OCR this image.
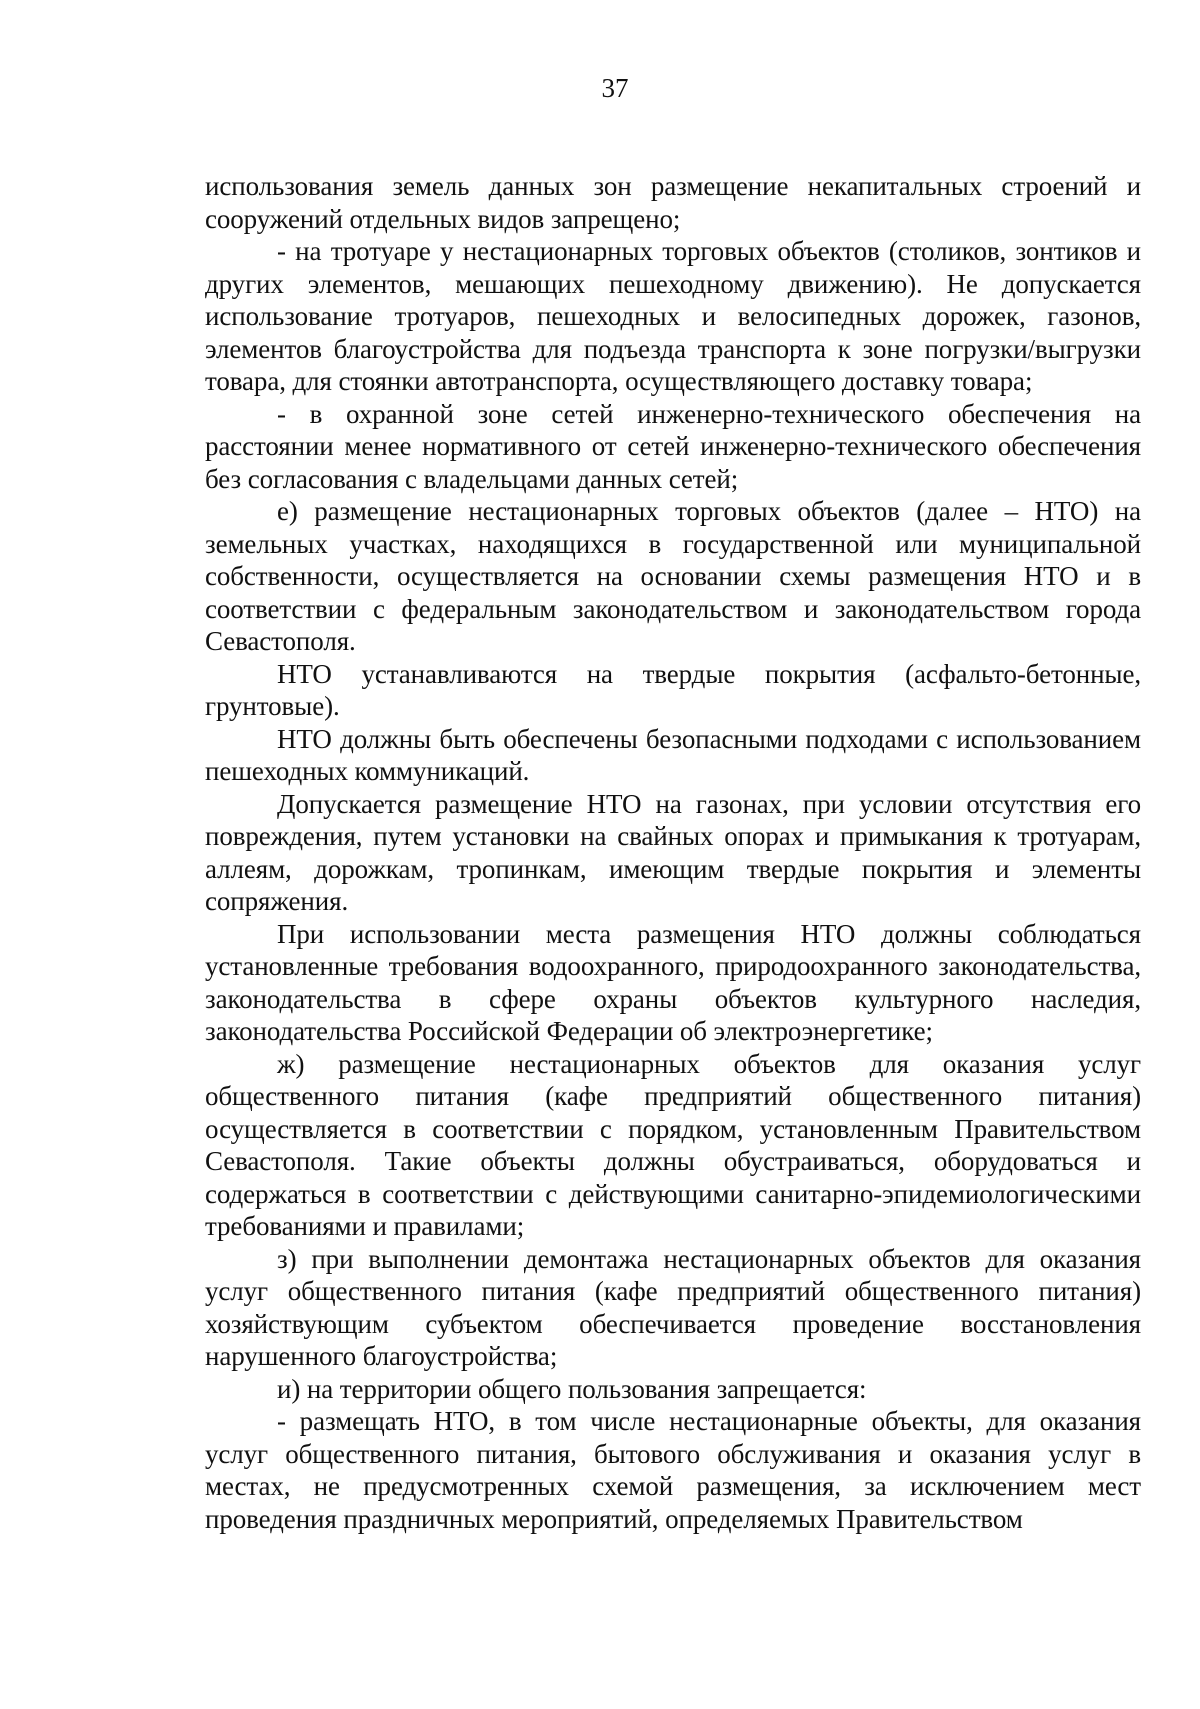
37

использования земель данных зон размещение некапитальных строений и сооружений отдельных видов запрещено;

- на тротуаре у нестационарных торговых объектов (столиков, зонтиков и других элементов, мешающих пешеходному движению). Не допускается использование тротуаров, пешеходных и велосипедных дорожек, газонов, элементов благоустройства для подъезда транспорта к зоне погрузки/выгрузки товара, для стоянки автотранспорта, осуществляющего доставку товара;

- в охранной зоне сетей инженерно-технического обеспечения на расстоянии менее нормативного от сетей инженерно-технического обеспечения без согласования с владельцами данных сетей;

е) размещение нестационарных торговых объектов (далее – НТО) на земельных участках, находящихся в государственной или муниципальной собственности, осуществляется на основании схемы размещения НТО и в соответствии с федеральным законодательством и законодательством города Севастополя.

НТО устанавливаются на твердые покрытия (асфальто-бетонные, грунтовые).

НТО должны быть обеспечены безопасными подходами с использованием пешеходных коммуникаций.

Допускается размещение НТО на газонах, при условии отсутствия его повреждения, путем установки на свайных опорах и примыкания к тротуарам, аллеям, дорожкам, тропинкам, имеющим твердые покрытия и элементы сопряжения.

При использовании места размещения НТО должны соблюдаться установленные требования водоохранного, природоохранного законодательства, законодательства в сфере охраны объектов культурного наследия, законодательства Российской Федерации об электроэнергетике;

ж) размещение нестационарных объектов для оказания услуг общественного питания (кафе предприятий общественного питания) осуществляется в соответствии с порядком, установленным Правительством Севастополя. Такие объекты должны обустраиваться, оборудоваться и содержаться в соответствии с действующими санитарно-эпидемиологическими требованиями и правилами;

з) при выполнении демонтажа нестационарных объектов для оказания услуг общественного питания (кафе предприятий общественного питания) хозяйствующим субъектом обеспечивается проведение восстановления нарушенного благоустройства;

и) на территории общего пользования запрещается:

- размещать НТО, в том числе нестационарные объекты, для оказания услуг общественного питания, бытового обслуживания и оказания услуг в местах, не предусмотренных схемой размещения, за исключением мест проведения праздничных мероприятий, определяемых Правительством
